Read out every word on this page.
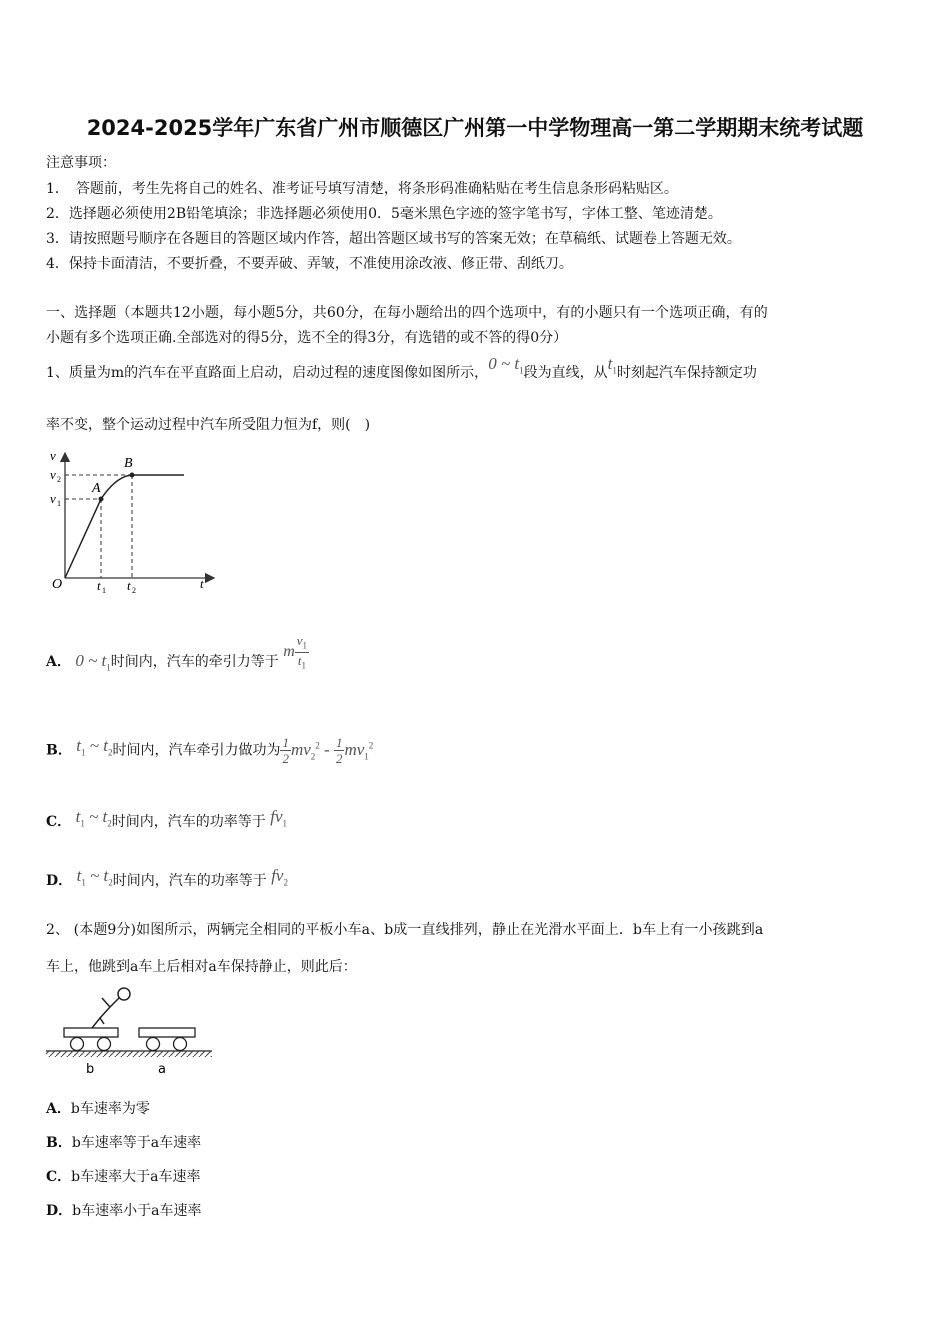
2024-2025学年广东省广州市顺德区广州第一中学物理高一第二学期期末统考试题
注意事项：
1．　答题前，考生先将自己的姓名、准考证号填写清楚，将条形码准确粘贴在考生信息条形码粘贴区。
2．选择题必须使用2B铅笔填涂；非选择题必须使用0．5毫米黑色字迹的签字笔书写，字体工整、笔迹清楚。
3．请按照题号顺序在各题目的答题区域内作答，超出答题区域书写的答案无效；在草稿纸、试题卷上答题无效。
4．保持卡面清洁，不要折叠，不要弄破、弄皱，不准使用涂改液、修正带、刮纸刀。
一、选择题（本题共12小题，每小题5分，共60分，在每小题给出的四个选项中，有的小题只有一个选项正确，有的
小题有多个选项正确.全部选对的得5分，选不全的得3分，有选错的或不答的得0分）
1、质量为m的汽车在平直路面上启动，启动过程的速度图像如图所示，0 ~ $t_1$段为直线，从$t_1$时刻起汽车保持额定功
率不变，整个运动过程中汽车所受阻力恒为f，则(　)
v
v 2
v 1
A
B
O	t 1 t 2	t
A． 0 ~ $t_1$时间内，汽车的牵引力等于 m $\frac{v_1}{t_1}$
B． $t_1$ ~ $t_2$时间内，汽车牵引力做功为 $\frac{1}{2} mv_2^2 - \frac{1}{2} mv_1^2$
C． $t_1$ ~ $t_2$时间内，汽车的功率等于 $fv_1$
D． $t_1$ ~ $t_2$时间内，汽车的功率等于 $fv_2$
2、 (本题9分)如图所示，两辆完全相同的平板小车a、b成一直线排列，静止在光滑水平面上．b车上有一小孩跳到a
车上，他跳到a车上后相对a车保持静止，则此后：
b	a
A．b车速率为零
B．b车速率等于a车速率
C．b车速率大于a车速率
D．b车速率小于a车速率
